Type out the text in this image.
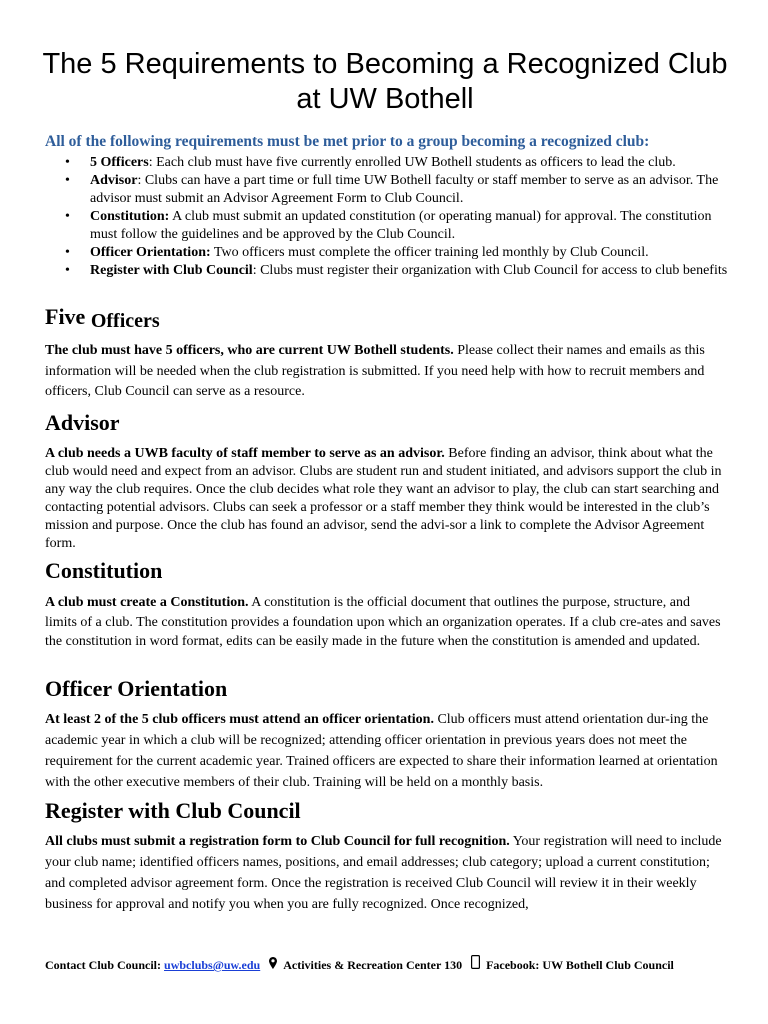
The 5 Requirements to Becoming a Recognized Club at UW Bothell
All of the following requirements must be met prior to a group becoming a recognized club:
• 5 Officers: Each club must have five currently enrolled UW Bothell students as officers to lead the club.
• Advisor: Clubs can have a part time or full time UW Bothell faculty or staff member to serve as an advisor. The advisor must submit an Advisor Agreement Form to Club Council.
• Constitution: A club must submit an updated constitution (or operating manual) for approval. The constitution must follow the guidelines and be approved by the Club Council.
• Officer Orientation: Two officers must complete the officer training led monthly by Club Council.
• Register with Club Council: Clubs must register their organization with Club Council for access to club benefits
Five Officers

The club must have 5 officers, who are current UW Bothell students. Please collect their names and emails as this information will be needed when the club registration is submitted. If you need help with how to recruit members and officers, Club Council can serve as a resource.

Advisor

A club needs a UWB faculty of staff member to serve as an advisor. Before finding an advisor, think about what the club would need and expect from an advisor. Clubs are student run and student initiated, and advisors support the club in any way the club requires. Once the club decides what role they want an advisor to play, the club can start searching and contacting potential advisors. Clubs can seek a professor or a staff member they think would be interested in the club’s mission and purpose. Once the club has found an advisor, send the advi-sor a link to complete the Advisor Agreement form.

Constitution

A club must create a Constitution. A constitution is the official document that outlines the purpose, structure, and limits of a club. The constitution provides a foundation upon which an organization operates. If a club cre-ates and saves the constitution in word format, edits can be easily made in the future when the constitution is amended and updated.

Officer Orientation

At least 2 of the 5 club officers must attend an officer orientation. Club officers must attend orientation dur-ing the academic year in which a club will be recognized; attending officer orientation in previous years does not meet the requirement for the current academic year. Trained officers are expected to share their information learned at orientation with the other executive members of their club. Training will be held on a monthly basis.

Register with Club Council

All clubs must submit a registration form to Club Council for full recognition. Your registration will need to include your club name; identified officers names, positions, and email addresses; club category; upload a current constitution; and completed advisor agreement form. Once the registration is received Club Council will review it in their weekly business for approval and notify you when you are fully recognized. Once recognized,

Contact Club Council: uwbclubs@uw.edu Activities & Recreation Center 130 Facebook: UW Bothell Club Council
